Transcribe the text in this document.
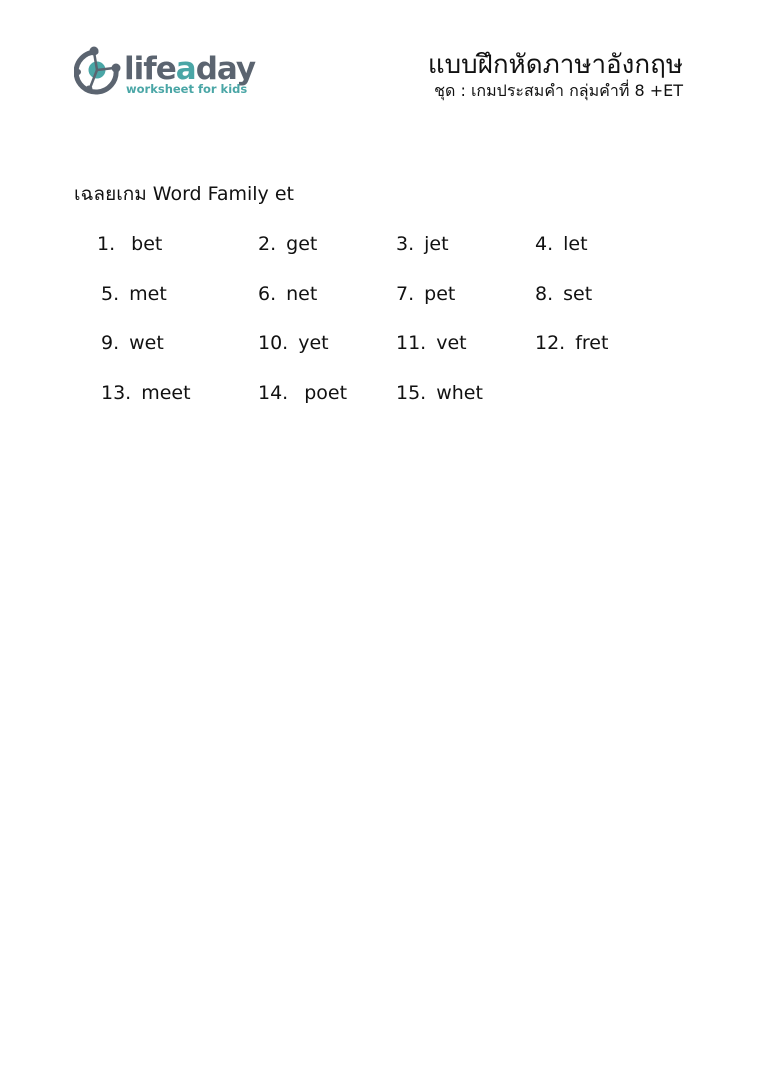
lifeaday
worksheet for kids
แบบฝึกหัดภาษาอังกฤษ
ชุด : เกมประสมคำ กลุ่มคำที่ 8 +ET
เฉลยเกม Word Family et
1. bet	2. get	3. jet	4. let
5. met	6. net	7. pet	8. set
9. wet	10. yet	11. vet	12. fret
13. meet	14. poet	15. whet
